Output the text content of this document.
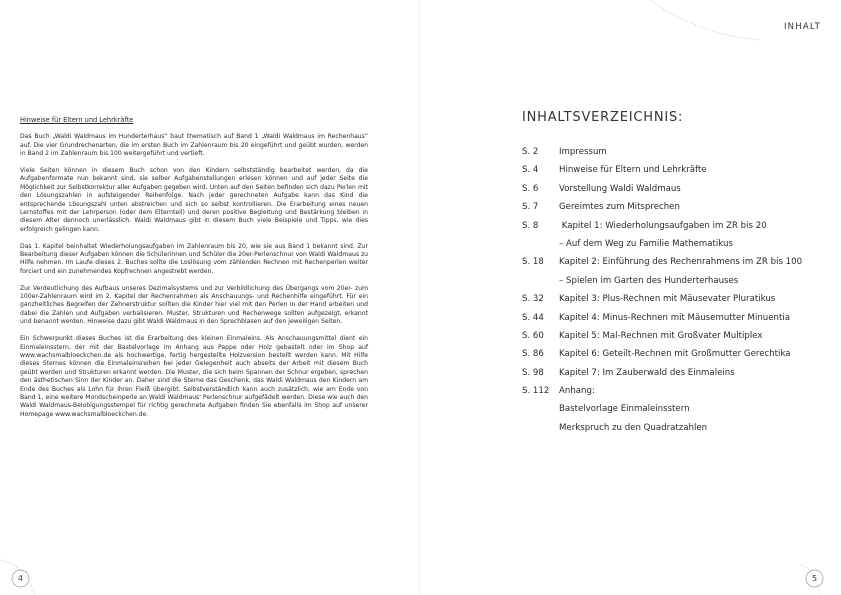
Hinweise für Eltern und Lehrkräfte

Das Buch „Waldi Waldmaus im Hunderterhaus“ baut thematisch auf Band 1 „Waldi Waldmaus im Rechenhaus“ auf. Die vier Grundrechenarten, die im ersten Buch im Zahlenraum bis 20 eingeführt und geübt wurden, werden in Band 2 im Zahlenraum bis 100 weitergeführt und vertieft.

Viele Seiten können in diesem Buch schon von den Kindern selbstständig bearbeitet werden, da die Aufgabenformate nun bekannt sind, sie selber Aufgabenstellungen erlesen können und auf jeder Seite die Möglichkeit zur Selbstkorrektur aller Aufgaben gegeben wird. Unten auf den Seiten befinden sich dazu Perlen mit den Lösungszahlen in aufsteigender Reihenfolge. Nach jeder gerechneten Aufgabe kann das Kind die entsprechende Lösungszahl unten abstreichen und sich so selbst kontrollieren. Die Erarbeitung eines neuen Lernstoffes mit der Lehrperson (oder dem Elternteil) und deren positive Begleitung und Bestärkung bleiben in diesem Alter dennoch unerlässlich. Waldi Waldmaus gibt in diesem Buch viele Beispiele und Tipps, wie dies erfolgreich gelingen kann.

Das 1. Kapitel beinhaltet Wiederholungsaufgaben im Zahlenraum bis 20, wie sie aus Band 1 bekannt sind. Zur Bearbeitung dieser Aufgaben können die Schülerinnen und Schüler die 20er-Perlenschnur von Waldi Waldmaus zu Hilfe nehmen. Im Laufe dieses 2. Buches sollte die Loslösung vom zählenden Rechnen mit Rechenperlen weiter forciert und ein zunehmendes Kopfrechnen angestrebt werden.

Zur Verdeutlichung des Aufbaus unseres Dezimalsystems und zur Verbildlichung des Übergangs vom 20er- zum 100er-Zahlenraum wird im 2. Kapitel der Rechenrahmen als Anschauungs- und Rechenhilfe eingeführt. Für ein ganzheitliches Begreifen der Zehnerstruktur sollten die Kinder hier viel mit den Perlen in der Hand arbeiten und dabei die Zahlen und Aufgaben verbalisieren. Muster, Strukturen und Rechenwege sollten aufgezeigt, erkannt und benannt werden. Hinweise dazu gibt Waldi Waldmaus in den Sprechblasen auf den jeweiligen Seiten.

Ein Schwerpunkt dieses Buches ist die Erarbeitung des kleinen Einmaleins. Als Anschauungsmittel dient ein Einmaleinsstern, der mit der Bastelvorlage im Anhang aus Pappe oder Holz gebastelt oder im Shop auf www.wachsmalbloeckchen.de als hochwertige, fertig hergestellte Holzversion bestellt werden kann. Mit Hilfe dieses Sternes können die Einmaleinsreihen bei jeder Gelegenheit auch abseits der Arbeit mit diesem Buch geübt werden und Strukturen erkannt werden. Die Muster, die sich beim Spannen der Schnur ergeben, sprechen den ästhetischen Sinn der Kinder an. Daher sind die Sterne das Geschenk, das Waldi Waldmaus den Kindern am Ende des Buches als Lohn für ihren Fleiß übergibt. Selbstverständlich kann auch zusätzlich, wie am Ende von Band 1, eine weitere Mondscheinperle an Waldi Waldmaus' Perlenschnur aufgefädelt werden. Diese wie auch den Waldi Waldmaus-Belobigungsstempel für richtig gerechnete Aufgaben finden Sie ebenfalls im Shop auf unserer Homepage www.wachsmalbloeckchen.de.

4
INHALT
INHALTSVERZEICHNIS:
S. 2 Impressum
S. 4 Hinweise für Eltern und Lehrkräfte
S. 6 Vorstellung Waldi Waldmaus
S. 7 Gereimtes zum Mitsprechen
S. 8 Kapitel 1: Wiederholungsaufgaben im ZR bis 20
– Auf dem Weg zu Familie Mathematikus
S. 18 Kapitel 2: Einführung des Rechenrahmens im ZR bis 100
– Spielen im Garten des Hunderterhauses
S. 32 Kapitel 3: Plus-Rechnen mit Mäusevater Pluratikus
S. 44 Kapitel 4: Minus-Rechnen mit Mäusemutter Minuentia
S. 60 Kapitel 5: Mal-Rechnen mit Großvater Multiplex
S. 86 Kapitel 6: Geteilt-Rechnen mit Großmutter Gerechtika
S. 98 Kapitel 7: Im Zauberwald des Einmaleins
S. 112 Anhang:
Bastelvorlage Einmaleinsstern
Merkspruch zu den Quadratzahlen
5
